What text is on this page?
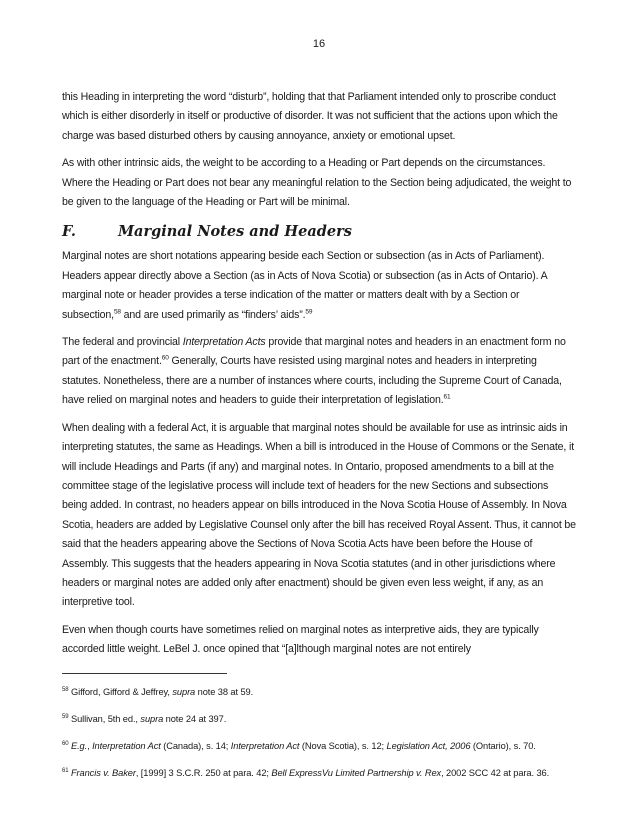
16

this Heading in interpreting the word “disturb”, holding that that Parliament intended only to proscribe conduct which is either disorderly in itself or productive of disorder. It was not sufficient that the actions upon which the charge was based disturbed others by causing annoyance, anxiety or emotional upset.

As with other intrinsic aids, the weight to be according to a Heading or Part depends on the circumstances. Where the Heading or Part does not bear any meaningful relation to the Section being adjudicated, the weight to be given to the language of the Heading or Part will be minimal.

F.	Marginal Notes and Headers

Marginal notes are short notations appearing beside each Section or subsection (as in Acts of Parliament). Headers appear directly above a Section (as in Acts of Nova Scotia) or subsection (as in Acts of Ontario). A marginal note or header provides a terse indication of the matter or matters dealt with by a Section or subsection,$^{58}$ and are used primarily as “finders’ aids”.$^{59}$

The federal and provincial Interpretation Acts provide that marginal notes and headers in an enactment form no part of the enactment.$^{60}$ Generally, Courts have resisted using marginal notes and headers in interpreting statutes. Nonetheless, there are a number of instances where courts, including the Supreme Court of Canada, have relied on marginal notes and headers to guide their interpretation of legislation.$^{61}$

When dealing with a federal Act, it is arguable that marginal notes should be available for use as intrinsic aids in interpreting statutes, the same as Headings. When a bill is introduced in the House of Commons or the Senate, it will include Headings and Parts (if any) and marginal notes. In Ontario, proposed amendments to a bill at the committee stage of the legislative process will include text of headers for the new Sections and subsections being added. In contrast, no headers appear on bills introduced in the Nova Scotia House of Assembly. In Nova Scotia, headers are added by Legislative Counsel only after the bill has received Royal Assent. Thus, it cannot be said that the headers appearing above the Sections of Nova Scotia Acts have been before the House of Assembly. This suggests that the headers appearing in Nova Scotia statutes (and in other jurisdictions where headers or marginal notes are added only after enactment) should be given even less weight, if any, as an interpretive tool.

Even when though courts have sometimes relied on marginal notes as interpretive aids, they are typically accorded little weight. LeBel J. once opined that “[a]lthough marginal notes are not entirely

$^{58}$ Gifford, Gifford & Jeffrey, supra note 38 at 59.
$^{59}$ Sullivan, 5th ed., supra note 24 at 397.
$^{60}$ E.g., Interpretation Act (Canada), s. 14; Interpretation Act (Nova Scotia), s. 12; Legislation Act, 2006 (Ontario), s. 70.
$^{61}$ Francis v. Baker, [1999] 3 S.C.R. 250 at para. 42; Bell ExpressVu Limited Partnership v. Rex, 2002 SCC 42 at para. 36.
